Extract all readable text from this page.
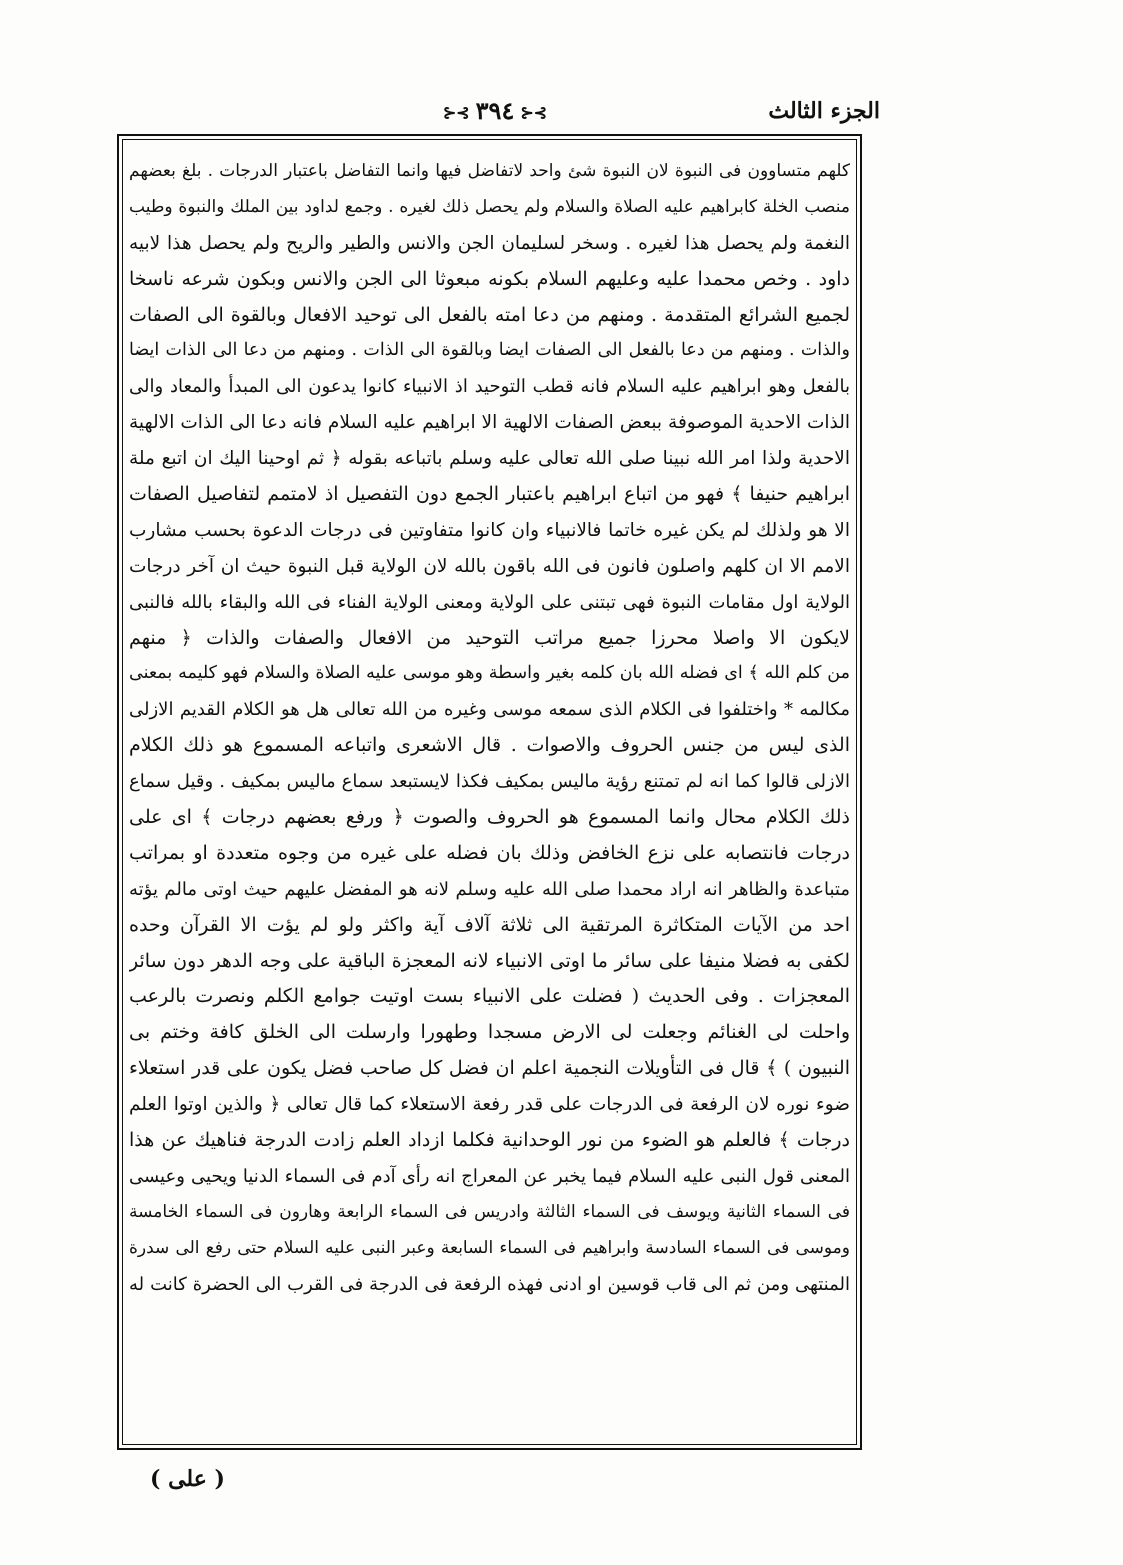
الجزء الثالث
⊱⊰٣٩٤⊱⊰
كلهم متساوون فى النبوة لان النبوة شئ واحد لاتفاضل فيها وانما التفاضل باعتبار الدرجات . بلغ بعضهم
منصب الخلة كابراهيم عليه الصلاة والسلام ولم يحصل ذلك لغيره . وجمع لداود بين الملك والنبوة وطيب
النغمة ولم يحصل هذا لغيره . وسخر لسليمان الجن والانس والطير والريح ولم يحصل هذا لابيه
داود . وخص محمدا عليه وعليهم السلام بكونه مبعوثا الى الجن والانس وبكون شرعه ناسخا
لجميع الشرائع المتقدمة . ومنهم من دعا امته بالفعل الى توحيد الافعال وبالقوة الى الصفات
والذات . ومنهم من دعا بالفعل الى الصفات ايضا وبالقوة الى الذات . ومنهم من دعا الى الذات ايضا
بالفعل وهو ابراهيم عليه السلام فانه قطب التوحيد اذ الانبياء كانوا يدعون الى المبدأ والمعاد والى
الذات الاحدية الموصوفة ببعض الصفات الالهية الا ابراهيم عليه السلام فانه دعا الى الذات الالهية
الاحدية ولذا امر الله نبينا صلى الله تعالى عليه وسلم باتباعه بقوله ﴿ ثم اوحينا اليك ان اتبع ملة
ابراهيم حنيفا ﴾ فهو من اتباع ابراهيم باعتبار الجمع دون التفصيل اذ لامتمم لتفاصيل الصفات
الا هو ولذلك لم يكن غيره خاتما فالانبياء وان كانوا متفاوتين فى درجات الدعوة بحسب مشارب
الامم الا ان كلهم واصلون فانون فى الله باقون بالله لان الولاية قبل النبوة حيث ان آخر درجات
الولاية اول مقامات النبوة فهى تبتنى على الولاية ومعنى الولاية الفناء فى الله والبقاء بالله فالنبى
لايكون الا واصلا محرزا جميع مراتب التوحيد من الافعال والصفات والذات ﴿ منهم
من كلم الله ﴾ اى فضله الله بان كلمه بغير واسطة وهو موسى عليه الصلاة والسلام فهو كليمه بمعنى
مكالمه * واختلفوا فى الكلام الذى سمعه موسى وغيره من الله تعالى هل هو الكلام القديم الازلى
الذى ليس من جنس الحروف والاصوات . قال الاشعرى واتباعه المسموع هو ذلك الكلام
الازلى قالوا كما انه لم تمتنع رؤية ماليس بمكيف فكذا لايستبعد سماع ماليس بمكيف . وقيل سماع
ذلك الكلام محال وانما المسموع هو الحروف والصوت ﴿ ورفع بعضهم درجات ﴾ اى على
درجات فانتصابه على نزع الخافض وذلك بان فضله على غيره من وجوه متعددة او بمراتب
متباعدة والظاهر انه اراد محمدا صلى الله عليه وسلم لانه هو المفضل عليهم حيث اوتى مالم يؤته
احد من الآيات المتكاثرة المرتقية الى ثلاثة آلاف آية واكثر ولو لم يؤت الا القرآن وحده
لكفى به فضلا منيفا على سائر ما اوتى الانبياء لانه المعجزة الباقية على وجه الدهر دون سائر
المعجزات . وفى الحديث ( فضلت على الانبياء بست اوتيت جوامع الكلم ونصرت بالرعب
واحلت لى الغنائم وجعلت لى الارض مسجدا وطهورا وارسلت الى الخلق كافة وختم بى
النبيون ) ﴾ قال فى التأويلات النجمية اعلم ان فضل كل صاحب فضل يكون على قدر استعلاء
ضوء نوره لان الرفعة فى الدرجات على قدر رفعة الاستعلاء كما قال تعالى ﴿ والذين اوتوا العلم
درجات ﴾ فالعلم هو الضوء من نور الوحدانية فكلما ازداد العلم زادت الدرجة فناهيك عن هذا
المعنى قول النبى عليه السلام فيما يخبر عن المعراج انه رأى آدم فى السماء الدنيا ويحيى وعيسى
فى السماء الثانية ويوسف فى السماء الثالثة وادريس فى السماء الرابعة وهارون فى السماء الخامسة
وموسى فى السماء السادسة وابراهيم فى السماء السابعة وعبر النبى عليه السلام حتى رفع الى سدرة
المنتهى ومن ثم الى قاب قوسين او ادنى فهذه الرفعة فى الدرجة فى القرب الى الحضرة كانت له
( على )
